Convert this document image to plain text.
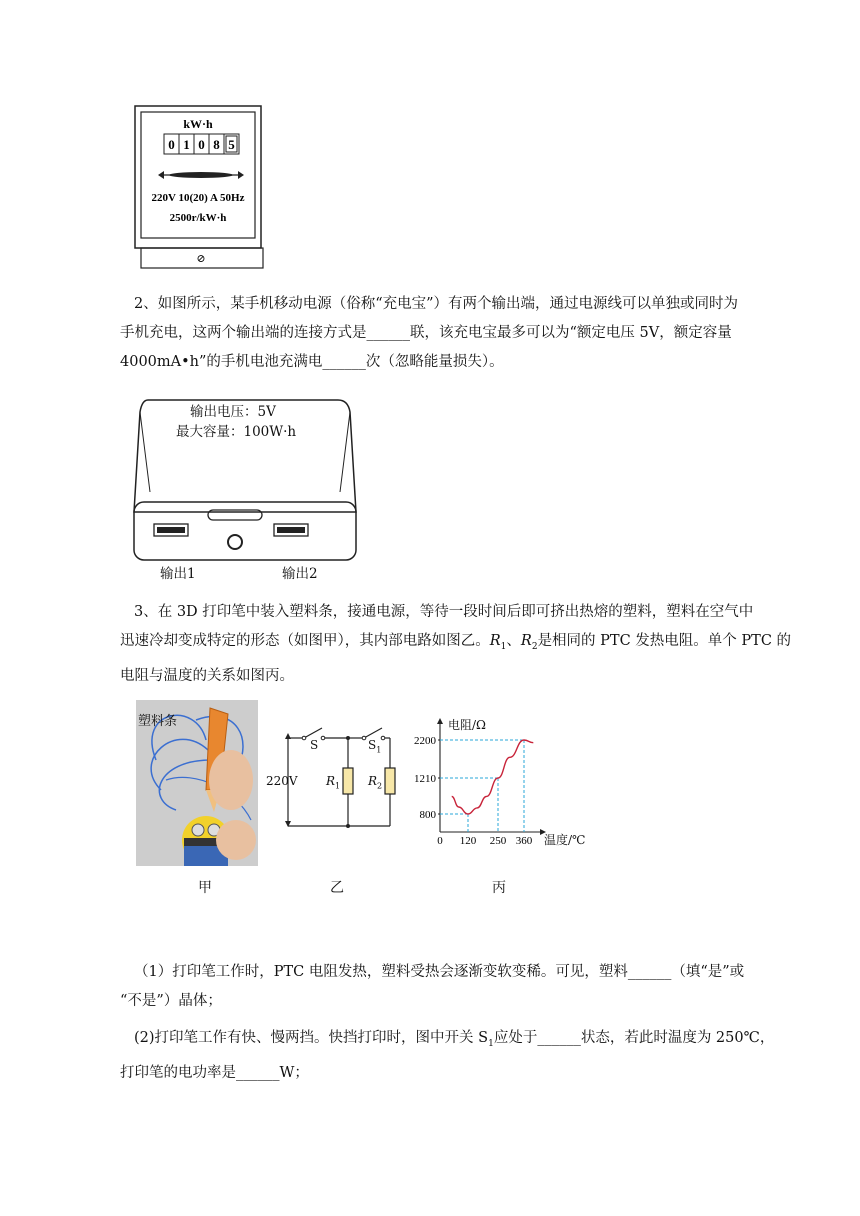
kW·h
0 1 0 8 5
220V 10(20) A 50Hz
2500r/kW·h
⊘

2、如图所示，某手机移动电源（俗称“充电宝”）有两个输出端，通过电源线可以单独或同时为

手机充电，这两个输出端的连接方式是______联，该充电宝最多可以为“额定电压 5V，额定容量

4000mA•h”的手机电池充满电______次（忽略能量损失）。

输出电压：5V
最大容量：100W·h
输出1	输出2

3、在 3D 打印笔中装入塑料条，接通电源，等待一段时间后即可挤出热熔的塑料，塑料在空气中

迅速冷却变成特定的形态（如图甲），其内部电路如图乙。$R_1$、$R_2$是相同的 PTC 发热电阻。单个 PTC 的

电阻与温度的关系如图丙。

塑料条
甲
S	$S_1$
220V $R_1$ $R_2$
乙
0 120 250 360
800
1210
2200
电阻/Ω
温度/℃
丙

（1）打印笔工作时，PTC 电阻发热，塑料受热会逐渐变软变稀。可见，塑料______（填“是”或

“不是”）晶体；

(2)打印笔工作有快、慢两挡。快挡打印时，图中开关 $S_1$应处于______状态，若此时温度为 250℃，

打印笔的电功率是______W；
